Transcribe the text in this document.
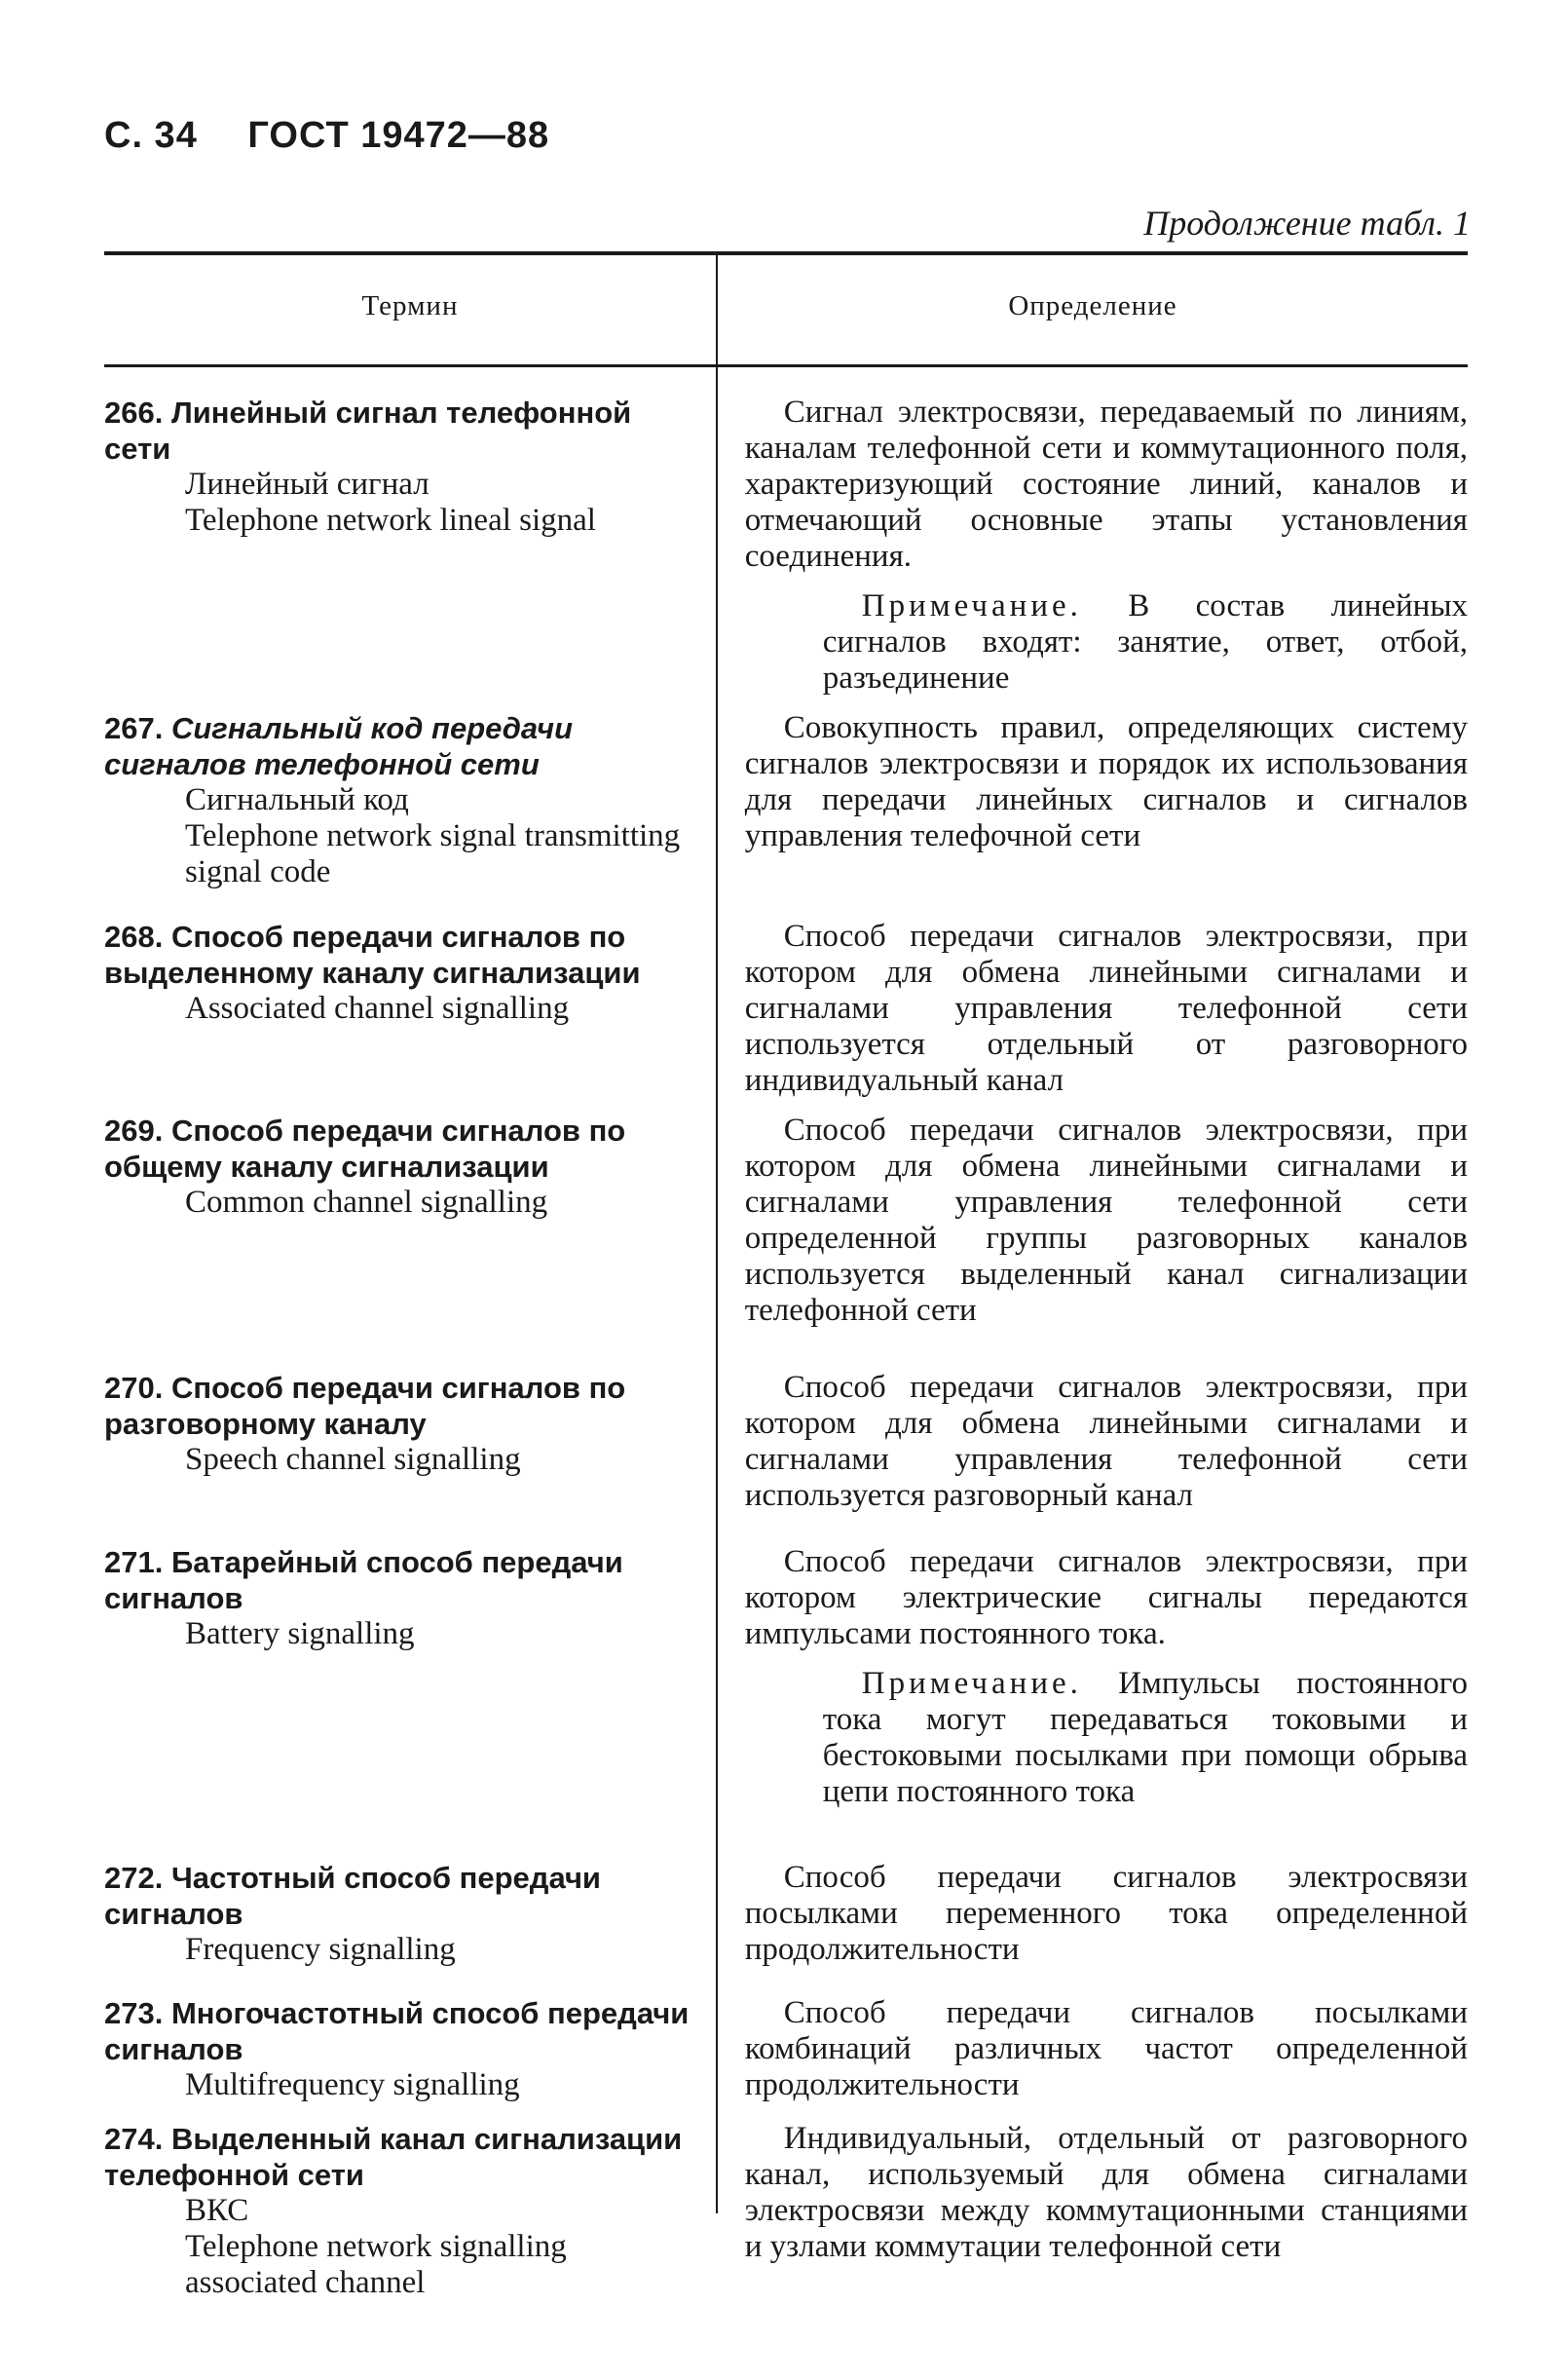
С. 34 ГОСТ 19472—88
Продолжение табл. 1
Термин	Определение
266. Линейный сигнал телефонной сети
Линейный сигнал
Telephone network lineal signal
Сигнал электросвязи, передаваемый по линиям, каналам телефонной сети и коммутационного поля, характеризующий состояние линий, каналов и отмечающий основные этапы установления соединения.
Примечание. В состав линейных сигналов входят: занятие, ответ, отбой, разъединение
267. Сигнальный код передачи сигналов телефонной сети
Сигнальный код
Telephone network signal transmitting signal code
Совокупность правил, определяющих систему сигналов электросвязи и порядок их использования для передачи линейных сигналов и сигналов управления телефочной сети
268. Способ передачи сигналов по выделенному каналу сигнализации
Associated channel signalling
Способ передачи сигналов электросвязи, при котором для обмена линейными сигналами и сигналами управления телефонной сети используется отдельный от разговорного индивидуальный канал
269. Способ передачи сигналов по общему каналу сигнализации
Common channel signalling
Способ передачи сигналов электросвязи, при котором для обмена линейными сигналами и сигналами управления телефонной сети определенной группы разговорных каналов используется выделенный канал сигнализации телефонной сети
270. Способ передачи сигналов по разговорному каналу
Speech channel signalling
Способ передачи сигналов электросвязи, при котором для обмена линейными сигналами и сигналами управления телефонной сети используется разговорный канал
271. Батарейный способ передачи сигналов
Battery signalling
Способ передачи сигналов электросвязи, при котором электрические сигналы передаются импульсами постоянного тока.
Примечание. Импульсы постоянного тока могут передаваться токовыми и бестоковыми посылками при помощи обрыва цепи постоянного тока
272. Частотный способ передачи сигналов
Frequency signalling
Способ передачи сигналов электросвязи посылками переменного тока определенной продолжительности
273. Многочастотный способ передачи сигналов
Multifrequency signalling
Способ передачи сигналов посылками комбинаций различных частот определенной продолжительности
274. Выделенный канал сигнализации телефонной сети
ВКС
Telephone network signalling associated channel
Индивидуальный, отдельный от разговорного канал, используемый для обмена сигналами электросвязи между коммутационными станциями и узлами коммутации телефонной сети
